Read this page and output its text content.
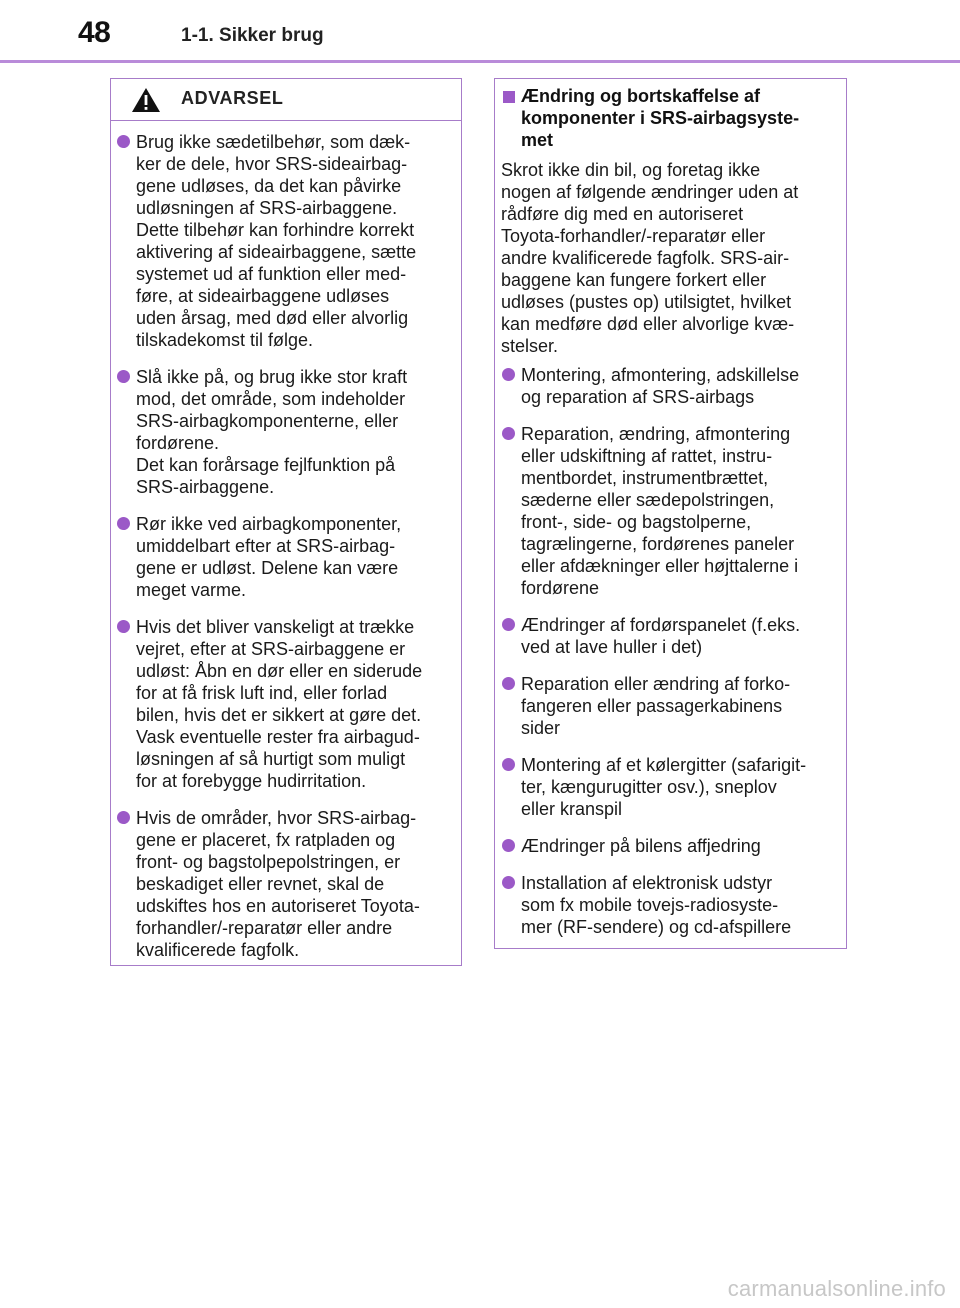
48	1-1. Sikker brug
ADVARSEL
Brug ikke sædetilbehør, som dæk-
ker de dele, hvor SRS-sideairbag-
gene udløses, da det kan påvirke
udløsningen af SRS-airbaggene.
Dette tilbehør kan forhindre korrekt
aktivering af sideairbaggene, sætte
systemet ud af funktion eller med-
føre, at sideairbaggene udløses
uden årsag, med død eller alvorlig
tilskadekomst til følge.
Slå ikke på, og brug ikke stor kraft
mod, det område, som indeholder
SRS-airbagkomponenterne, eller
fordørene.
Det kan forårsage fejlfunktion på
SRS-airbaggene.
Rør ikke ved airbagkomponenter,
umiddelbart efter at SRS-airbag-
gene er udløst. Delene kan være
meget varme.
Hvis det bliver vanskeligt at trække
vejret, efter at SRS-airbaggene er
udløst: Åbn en dør eller en siderude
for at få frisk luft ind, eller forlad
bilen, hvis det er sikkert at gøre det.
Vask eventuelle rester fra airbagud-
løsningen af så hurtigt som muligt
for at forebygge hudirritation.
Hvis de områder, hvor SRS-airbag-
gene er placeret, fx ratpladen og
front- og bagstolpepolstringen, er
beskadiget eller revnet, skal de
udskiftes hos en autoriseret Toyota-
forhandler/-reparatør eller andre
kvalificerede fagfolk.
Ændring og bortskaffelse af
komponenter i SRS-airbagsyste-
met
Skrot ikke din bil, og foretag ikke
nogen af følgende ændringer uden at
rådføre dig med en autoriseret
Toyota-forhandler/-reparatør eller
andre kvalificerede fagfolk. SRS-air-
baggene kan fungere forkert eller
udløses (pustes op) utilsigtet, hvilket
kan medføre død eller alvorlige kvæ-
stelser.
Montering, afmontering, adskillelse
og reparation af SRS-airbags
Reparation, ændring, afmontering
eller udskiftning af rattet, instru-
mentbordet, instrumentbrættet,
sæderne eller sædepolstringen,
front-, side- og bagstolperne,
tagrælingerne, fordørenes paneler
eller afdækninger eller højttalerne i
fordørene
Ændringer af fordørspanelet (f.eks.
ved at lave huller i det)
Reparation eller ændring af forko-
fangeren eller passagerkabinens
sider
Montering af et kølergitter (safarigit-
ter, kængurugitter osv.), sneplov
eller kranspil
Ændringer på bilens affjedring
Installation af elektronisk udstyr
som fx mobile tovejs-radiosyste-
mer (RF-sendere) og cd-afspillere
carmanualsonline.info
